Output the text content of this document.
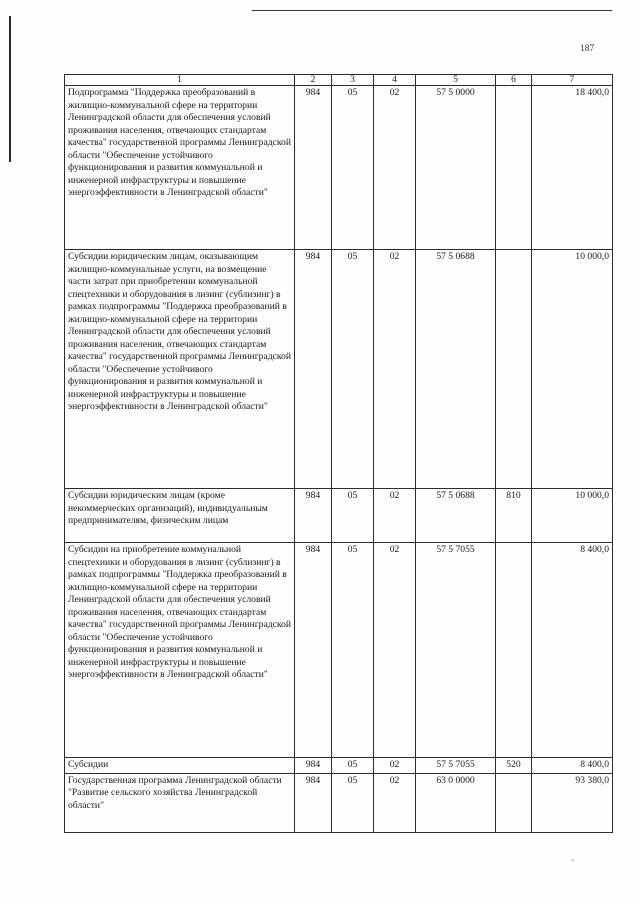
187
1	2	3	4	5	6	7
Подпрограмма "Поддержка преобразований в жилищно-коммунальной сфере на территории Ленинградской области для обеспечения условий проживания населения, отвечающих стандартам качества" государственной программы Ленинградской области "Обеспечение устойчивого функционирования и развития коммунальной и инженерной инфраструктуры и повышение энергоэффективности в Ленинградской области"	984	05	02	57 5 0000		18 400,0
Субсидии юридическим лицам, оказывающим жилищно-коммунальные услуги, на возмещение части затрат при приобретении коммунальной спецтехники и оборудования в лизинг (сублизинг) в рамках подпрограммы "Поддержка преобразований в жилищно-коммунальной сфере на территории Ленинградской области для обеспечения условий проживания населения, отвечающих стандартам качества" государственной программы Ленинградской области "Обеспечение устойчивого функционирования и развития коммунальной и инженерной инфраструктуры и повышение энергоэффективности в Ленинградской области"	984	05	02	57 5 0688		10 000,0
Субсидии юридическим лицам (кроме некоммерческих организаций), индивидуальным предпринимателям, физическим лицам	984	05	02	57 5 0688	810	10 000,0
Субсидии на приобретение коммунальной спецтехники и оборудования в лизинг (сублизинг) в рамках подпрограммы "Поддержка преобразований в жилищно-коммунальной сфере на территории Ленинградской области для обеспечения условий проживания населения, отвечающих стандартам качества" государственной программы Ленинградской области "Обеспечение устойчивого функционирования и развития коммунальной и инженерной инфраструктуры и повышение энергоэффективности в Ленинградской области"	984	05	02	57 5 7055		8 400,0
Субсидии	984	05	02	57 5 7055	520	8 400,0
Государственная программа Ленинградской области "Развитие сельского хозяйства Ленинградской области"	984	05	02	63 0 0000		93 380,0
"
